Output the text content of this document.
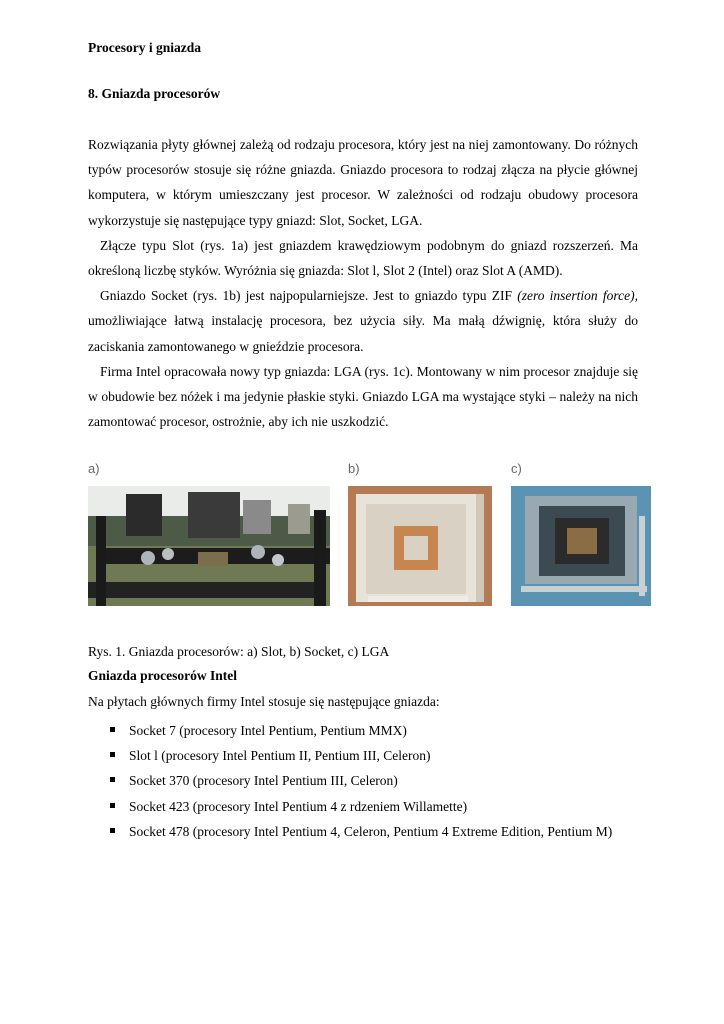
Procesory i gniazda
8. Gniazda procesorów

Rozwiązania płyty głównej zależą od rodzaju procesora, który jest na niej zamontowany. Do różnych typów procesorów stosuje się różne gniazda. Gniazdo procesora to rodzaj złącza na płycie głównej komputera, w którym umieszczany jest procesor. W zależności od rodzaju obudowy procesora wykorzystuje się następujące typy gniazd: Slot, Socket, LGA.

Złącze typu Slot (rys. 1a) jest gniazdem krawędziowym podobnym do gniazd rozszerzeń. Ma określoną liczbę styków. Wyróżnia się gniazda: Slot l, Slot 2 (Intel) oraz Slot A (AMD).

Gniazdo Socket (rys. 1b) jest najpopularniejsze. Jest to gniazdo typu ZIF (zero insertion force), umożliwiające łatwą instalację procesora, bez użycia siły. Ma małą dźwignię, która służy do zaciskania zamontowanego w gnieździe procesora.

Firma Intel opracowała nowy typ gniazda: LGA (rys. 1c). Montowany w nim procesor znajduje się w obudowie bez nóżek i ma jedynie płaskie styki. Gniazdo LGA ma wystające styki – należy na nich zamontować procesor, ostrożnie, aby ich nie uszkodzić.

a)	b)	c)
Rys. 1. Gniazda procesorów: a) Slot, b) Socket, c) LGA
Gniazda procesorów Intel
Na płytach głównych firmy Intel stosuje się następujące gniazda:
Socket 7 (procesory Intel Pentium, Pentium MMX)
Slot l (procesory Intel Pentium II, Pentium III, Celeron)
Socket 370 (procesory Intel Pentium III, Celeron)
Socket 423 (procesory Intel Pentium 4 z rdzeniem Willamette)
Socket 478 (procesory Intel Pentium 4, Celeron, Pentium 4 Extreme Edition, Pentium M)
